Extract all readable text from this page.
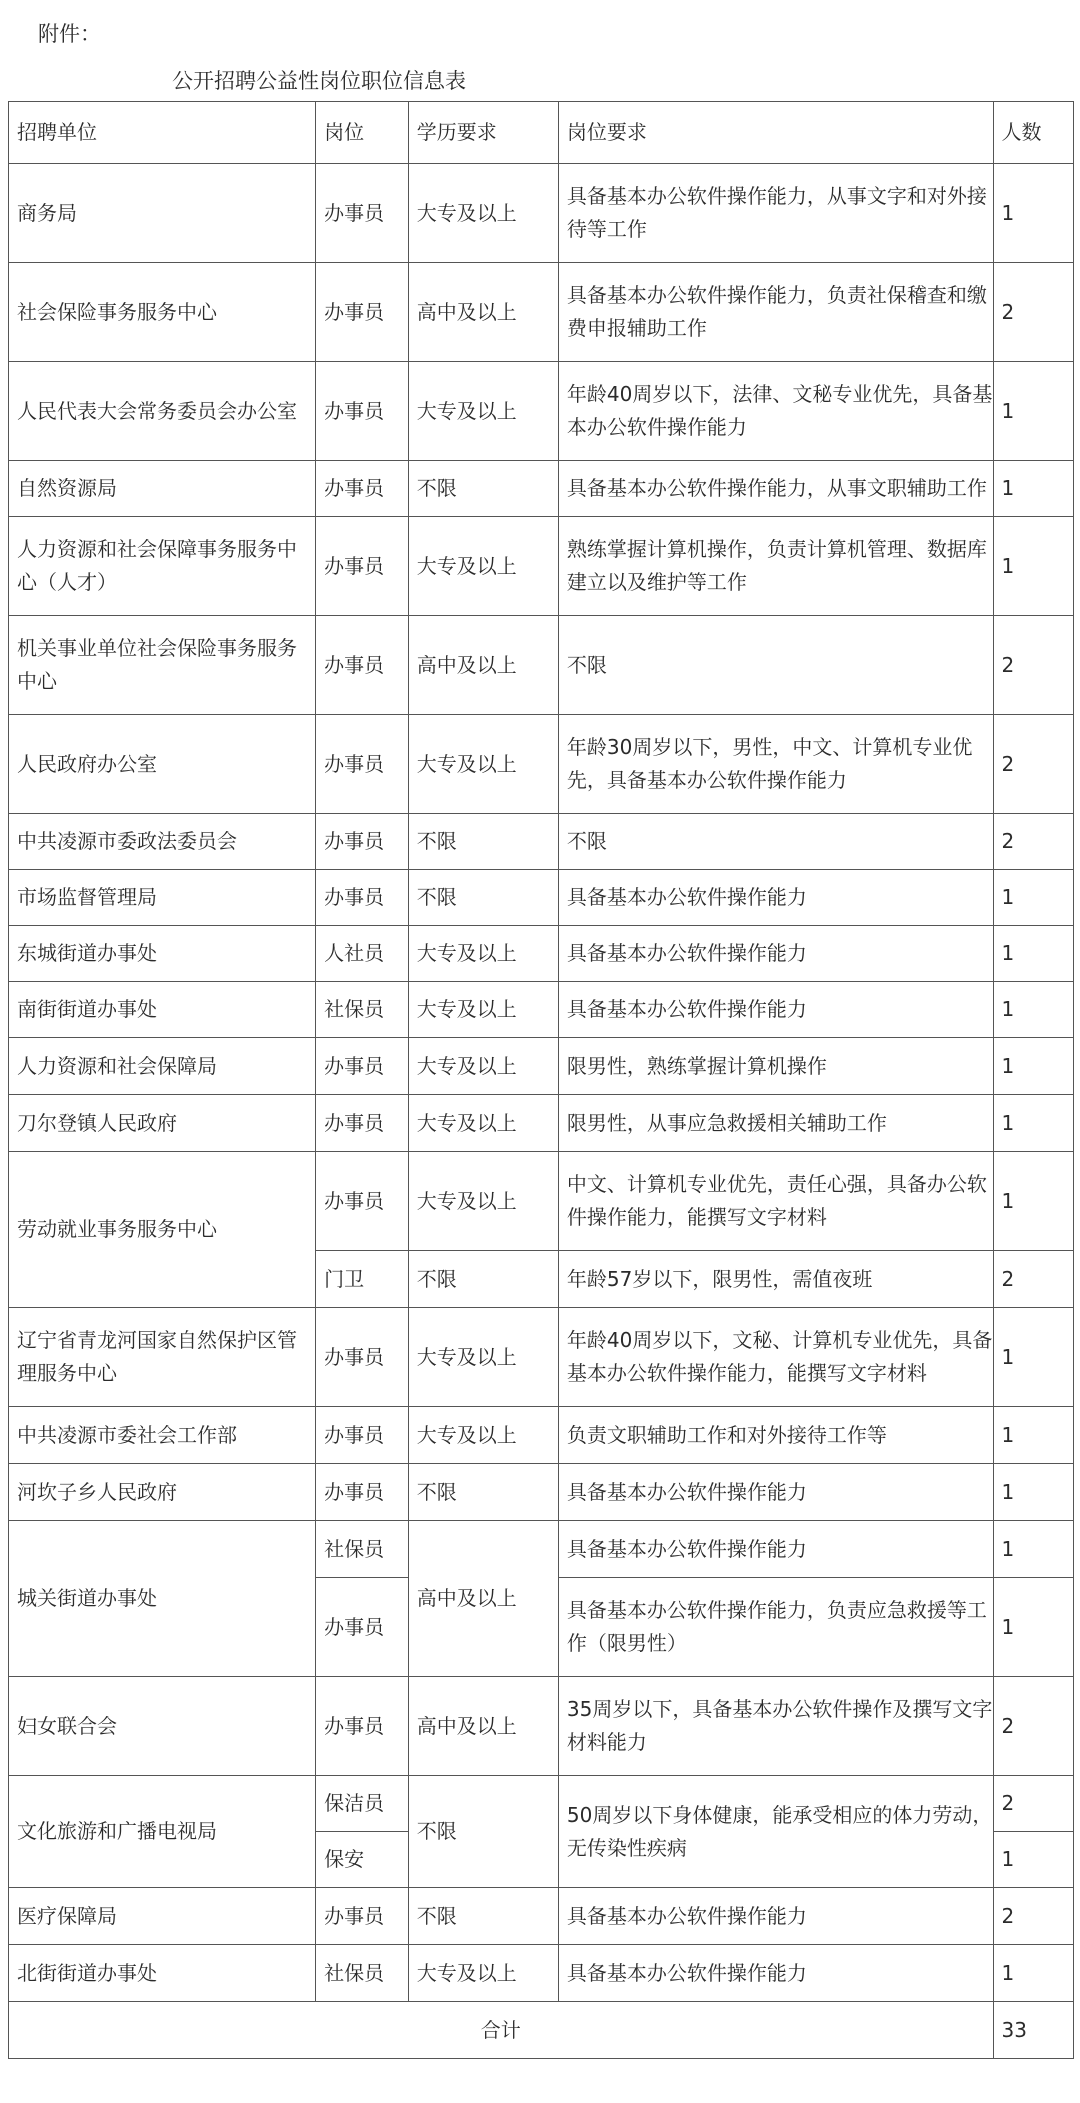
附件：
公开招聘公益性岗位职位信息表
招聘单位	岗位	学历要求	岗位要求	人数
商务局	办事员	大专及以上	具备基本办公软件操作能力，从事文字和对外接待等工作	1
社会保险事务服务中心	办事员	高中及以上	具备基本办公软件操作能力，负责社保稽查和缴费申报辅助工作	2
人民代表大会常务委员会办公室	办事员	大专及以上	年龄40周岁以下，法律、文秘专业优先，具备基本办公软件操作能力	1
自然资源局	办事员	不限	具备基本办公软件操作能力，从事文职辅助工作	1
人力资源和社会保障事务服务中心（人才）	办事员	大专及以上	熟练掌握计算机操作，负责计算机管理、数据库建立以及维护等工作	1
机关事业单位社会保险事务服务中心	办事员	高中及以上	不限	2
人民政府办公室	办事员	大专及以上	年龄30周岁以下，男性，中文、计算机专业优先，具备基本办公软件操作能力	2
中共凌源市委政法委员会	办事员	不限	不限	2
市场监督管理局	办事员	不限	具备基本办公软件操作能力	1
东城街道办事处	人社员	大专及以上	具备基本办公软件操作能力	1
南街街道办事处	社保员	大专及以上	具备基本办公软件操作能力	1
人力资源和社会保障局	办事员	大专及以上	限男性，熟练掌握计算机操作	1
刀尔登镇人民政府	办事员	大专及以上	限男性，从事应急救援相关辅助工作	1
劳动就业事务服务中心	办事员	大专及以上	中文、计算机专业优先，责任心强，具备办公软件操作能力，能撰写文字材料	1
	门卫	不限	年龄57岁以下，限男性，需值夜班	2
辽宁省青龙河国家自然保护区管理服务中心	办事员	大专及以上	年龄40周岁以下，文秘、计算机专业优先，具备基本办公软件操作能力，能撰写文字材料	1
中共凌源市委社会工作部	办事员	大专及以上	负责文职辅助工作和对外接待工作等	1
河坎子乡人民政府	办事员	不限	具备基本办公软件操作能力	1
城关街道办事处	社保员	高中及以上	具备基本办公软件操作能力	1
	办事员		具备基本办公软件操作能力，负责应急救援等工作（限男性）	1
妇女联合会	办事员	高中及以上	35周岁以下，具备基本办公软件操作及撰写文字材料能力	2
文化旅游和广播电视局	保洁员	不限	50周岁以下身体健康，能承受相应的体力劳动，无传染性疾病	2
	保安			1
医疗保障局	办事员	不限	具备基本办公软件操作能力	2
北街街道办事处	社保员	大专及以上	具备基本办公软件操作能力	1
合计				33
